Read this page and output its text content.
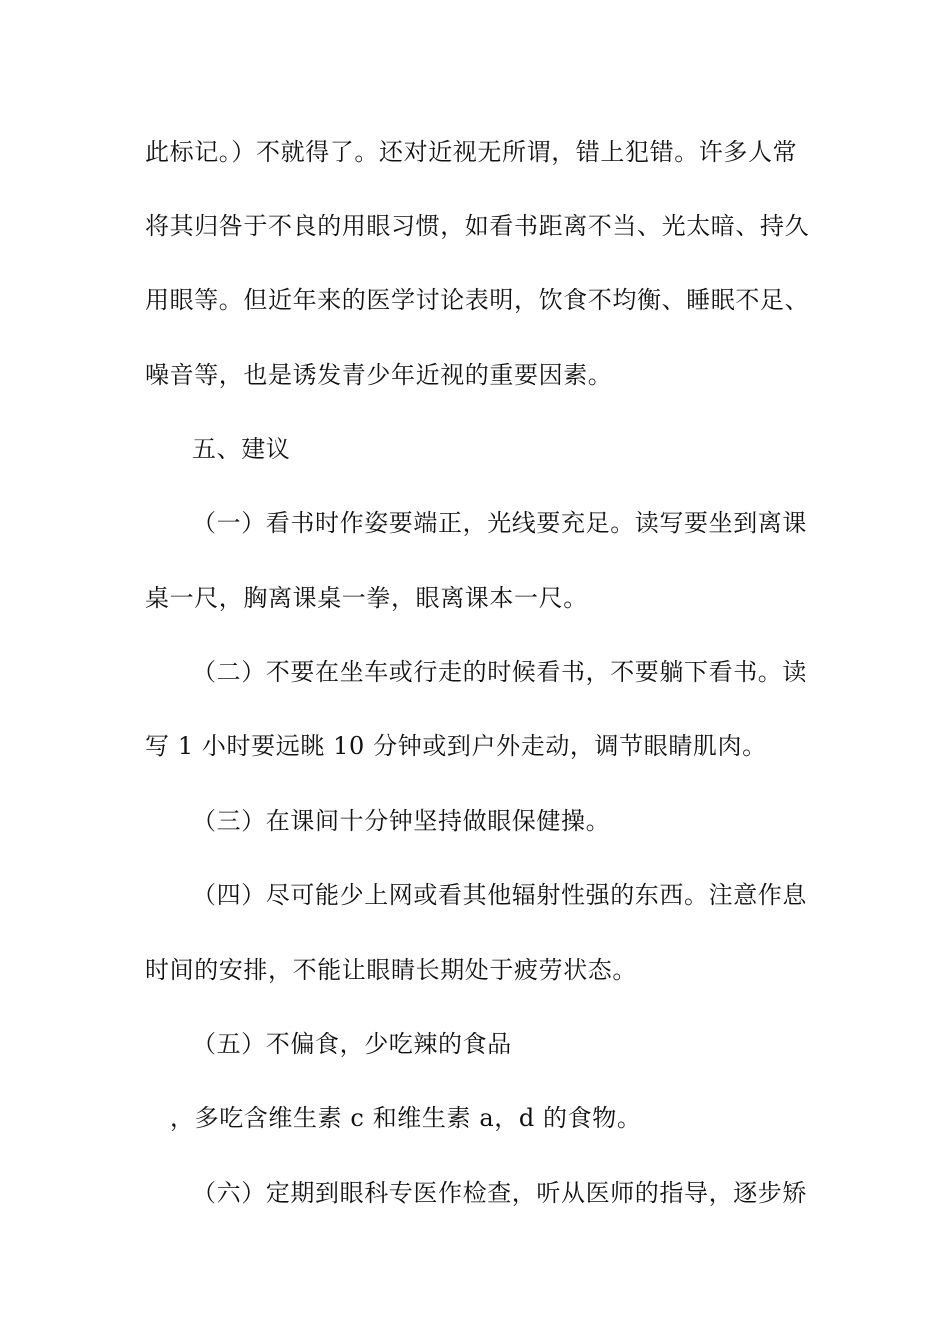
此标记。）不就得了。还对近视无所谓，错上犯错。许多人常
将其归咎于不良的用眼习惯，如看书距离不当、光太暗、持久
用眼等。但近年来的医学讨论表明，饮食不均衡、睡眠不足、
噪音等，也是诱发青少年近视的重要因素。
五、建议
（一）看书时作姿要端正，光线要充足。读写要坐到离课
桌一尺，胸离课桌一拳，眼离课本一尺。
（二）不要在坐车或行走的时候看书，不要躺下看书。读
写 1 小时要远眺 10 分钟或到户外走动，调节眼睛肌肉。
（三）在课间十分钟坚持做眼保健操。
（四）尽可能少上网或看其他辐射性强的东西。注意作息
时间的安排，不能让眼睛长期处于疲劳状态。
（五）不偏食，少吃辣的食品
，多吃含维生素 c 和维生素 a，d 的食物。
（六）定期到眼科专医作检查，听从医师的指导，逐步矫
